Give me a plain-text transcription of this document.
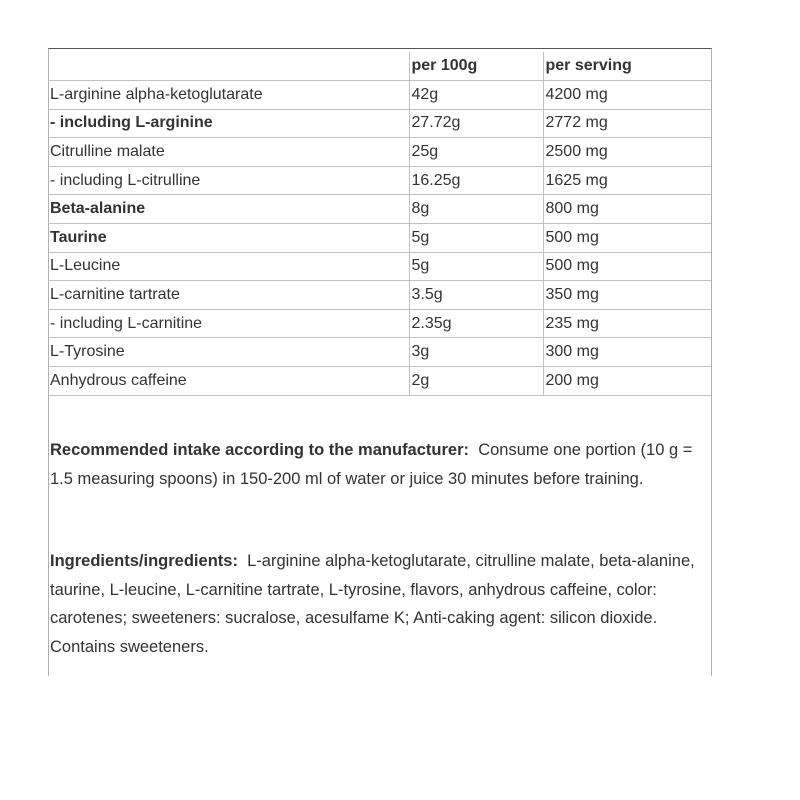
	per 100g	per serving
L-arginine alpha-ketoglutarate	42g	4200 mg
- including L-arginine	27.72g	2772 mg
Citrulline malate	25g	2500 mg
- including L-citrulline	16.25g	1625 mg
Beta-alanine	8g	800 mg
Taurine	5g	500 mg
L-Leucine	5g	500 mg
L-carnitine tartrate	3.5g	350 mg
- including L-carnitine	2.35g	235 mg
L-Tyrosine	3g	300 mg
Anhydrous caffeine	2g	200 mg

Recommended intake according to the manufacturer: Consume one portion (10 g = 1.5 measuring spoons) in 150-200 ml of water or juice 30 minutes before training.

Ingredients/ingredients: L-arginine alpha-ketoglutarate, citrulline malate, beta-alanine, taurine, L-leucine, L-carnitine tartrate, L-tyrosine, flavors, anhydrous caffeine, color: carotenes; sweeteners: sucralose, acesulfame K; Anti-caking agent: silicon dioxide. Contains sweeteners.
